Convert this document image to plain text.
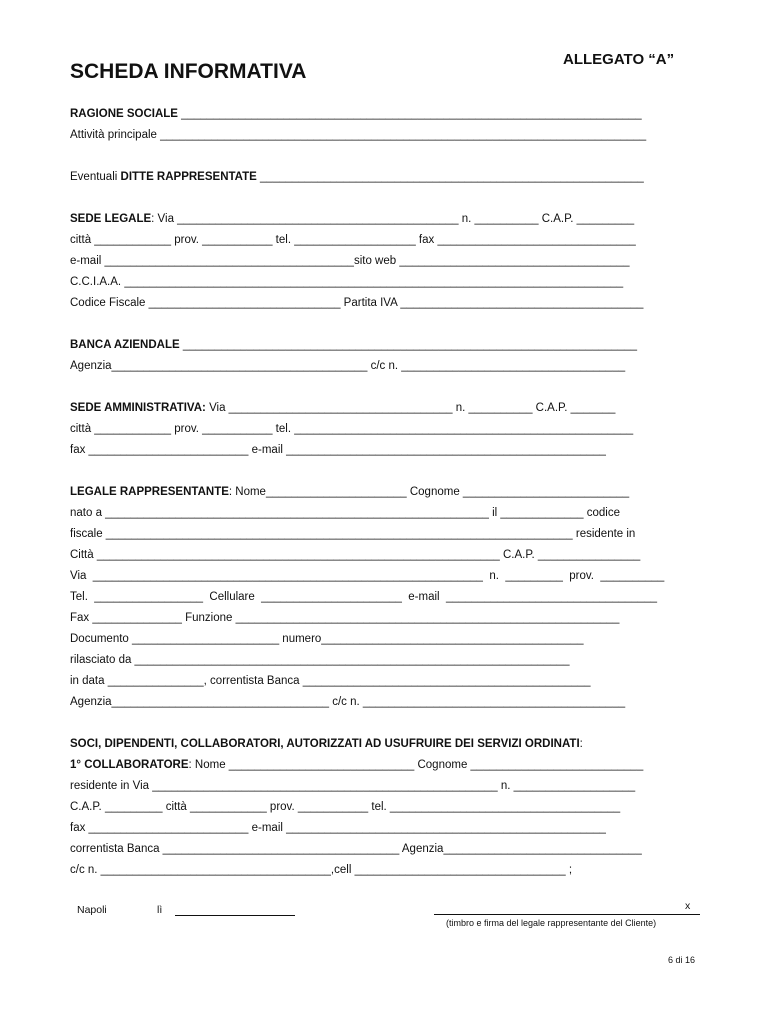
SCHEDA INFORMATIVA
ALLEGATO “A”
RAGIONE SOCIALE ________________________________________________________________________
Attività principale ____________________________________________________________________________
Eventuali DITTE RAPPRESENTATE ____________________________________________________________
SEDE LEGALE: Via ____________________________________________ n. __________ C.A.P. _________
città ____________ prov. ___________ tel. ___________________ fax _______________________________
e-mail _______________________________________sito web ____________________________________
C.C.I.A.A. ______________________________________________________________________________
Codice Fiscale ______________________________ Partita IVA ______________________________________
BANCA AZIENDALE _______________________________________________________________________
Agenzia________________________________________ c/c n. ___________________________________
SEDE AMMINISTRATIVA: Via ___________________________________ n. __________ C.A.P. _______
città ____________ prov. ___________ tel. _____________________________________________________
fax _________________________ e-mail __________________________________________________
LEGALE RAPPRESENTANTE: Nome______________________ Cognome __________________________
nato a ____________________________________________________________ il _____________ codice
fiscale _________________________________________________________________________ residente in
Città _______________________________________________________________ C.A.P. ________________
Via  _____________________________________________________________  n.  _________  prov.  __________
Tel.  _________________  Cellulare  ______________________  e-mail  _________________________________
Fax ______________ Funzione ____________________________________________________________
Documento _______________________ numero_________________________________________
rilasciato da ____________________________________________________________________
in data _______________, correntista Banca _____________________________________________
Agenzia__________________________________ c/c n. _________________________________________
SOCI, DIPENDENTI, COLLABORATORI, AUTORIZZATI AD USUFRUIRE DEI SERVIZI ORDINATI:
1° COLLABORATORE: Nome _____________________________ Cognome ___________________________
residente in Via ______________________________________________________ n. ___________________
C.A.P. _________ città ____________ prov. ___________ tel. ____________________________________
fax _________________________ e-mail __________________________________________________
correntista Banca _____________________________________ Agenzia_______________________________
c/c n. ____________________________________,cell _________________________________ ;
Napoli	lì	x
(timbro e firma del legale rappresentante del Cliente)
6 di 16
